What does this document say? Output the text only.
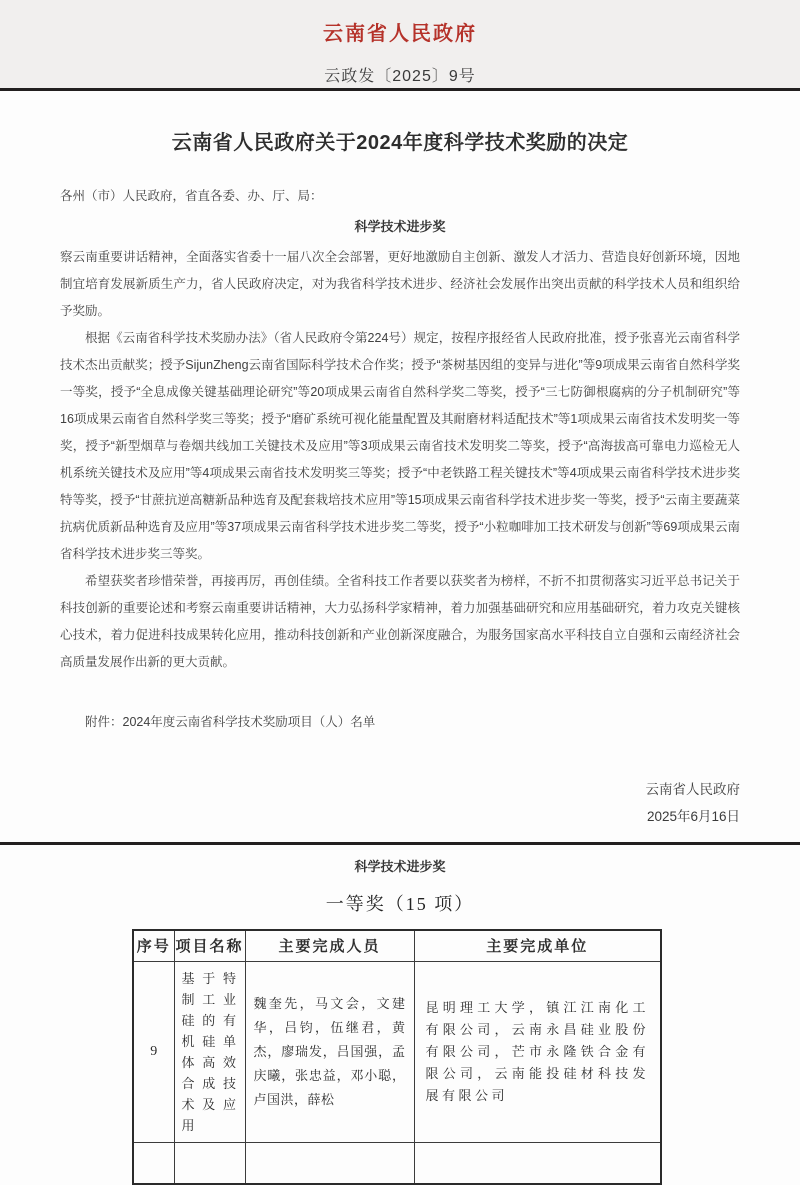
云南省人民政府
云政发〔2025〕9号
云南省人民政府关于2024年度科学技术奖励的决定
各州（市）人民政府，省直各委、办、厅、局：
科学技术进步奖

察云南重要讲话精神，全面落实省委十一届八次全会部署，更好地激励自主创新、激发人才活力、营造良好创新环境，因地制宜培育发展新质生产力，省人民政府决定，对为我省科学技术进步、经济社会发展作出突出贡献的科学技术人员和组织给予奖励。

根据《云南省科学技术奖励办法》（省人民政府令第224号）规定，按程序报经省人民政府批准，授予张喜光云南省科学技术杰出贡献奖；授予SijunZheng云南省国际科学技术合作奖；授予“茶树基因组的变异与进化”等9项成果云南省自然科学奖一等奖，授予“全息成像关键基础理论研究”等20项成果云南省自然科学奖二等奖，授予“三七防御根腐病的分子机制研究”等16项成果云南省自然科学奖三等奖；授予“磨矿系统可视化能量配置及其耐磨材料适配技术”等1项成果云南省技术发明奖一等奖，授予“新型烟草与卷烟共线加工关键技术及应用”等3项成果云南省技术发明奖二等奖，授予“高海拔高可靠电力巡检无人机系统关键技术及应用”等4项成果云南省技术发明奖三等奖；授予“中老铁路工程关键技术”等4项成果云南省科学技术进步奖特等奖，授予“甘蔗抗逆高糖新品种选育及配套栽培技术应用”等15项成果云南省科学技术进步奖一等奖，授予“云南主要蔬菜抗病优质新品种选育及应用”等37项成果云南省科学技术进步奖二等奖，授予“小粒咖啡加工技术研发与创新”等69项成果云南省科学技术进步奖三等奖。

希望获奖者珍惜荣誉，再接再厉，再创佳绩。全省科技工作者要以获奖者为榜样，不折不扣贯彻落实习近平总书记关于科技创新的重要论述和考察云南重要讲话精神，大力弘扬科学家精神，着力加强基础研究和应用基础研究，着力攻克关键核心技术，着力促进科技成果转化应用，推动科技创新和产业创新深度融合，为服务国家高水平科技自立自强和云南经济社会高质量发展作出新的更大贡献。

附件：2024年度云南省科学技术奖励项目（人）名单
云南省人民政府
2025年6月16日
科学技术进步奖
一等奖（15 项）
序号	项目名称	主要完成人员	主要完成单位
9	基于特制工业硅的有机硅单体高效合成技术及应用	魏奎先，马文会，文建华，吕钧，伍继君，黄杰，廖瑞发，吕国强，孟庆曦，张忠益，邓小聪，卢国洪，薛松	昆明理工大学，镇江江南化工有限公司，云南永昌硅业股份有限公司，芒市永隆铁合金有限公司，云南能投硅材科技发展有限公司
